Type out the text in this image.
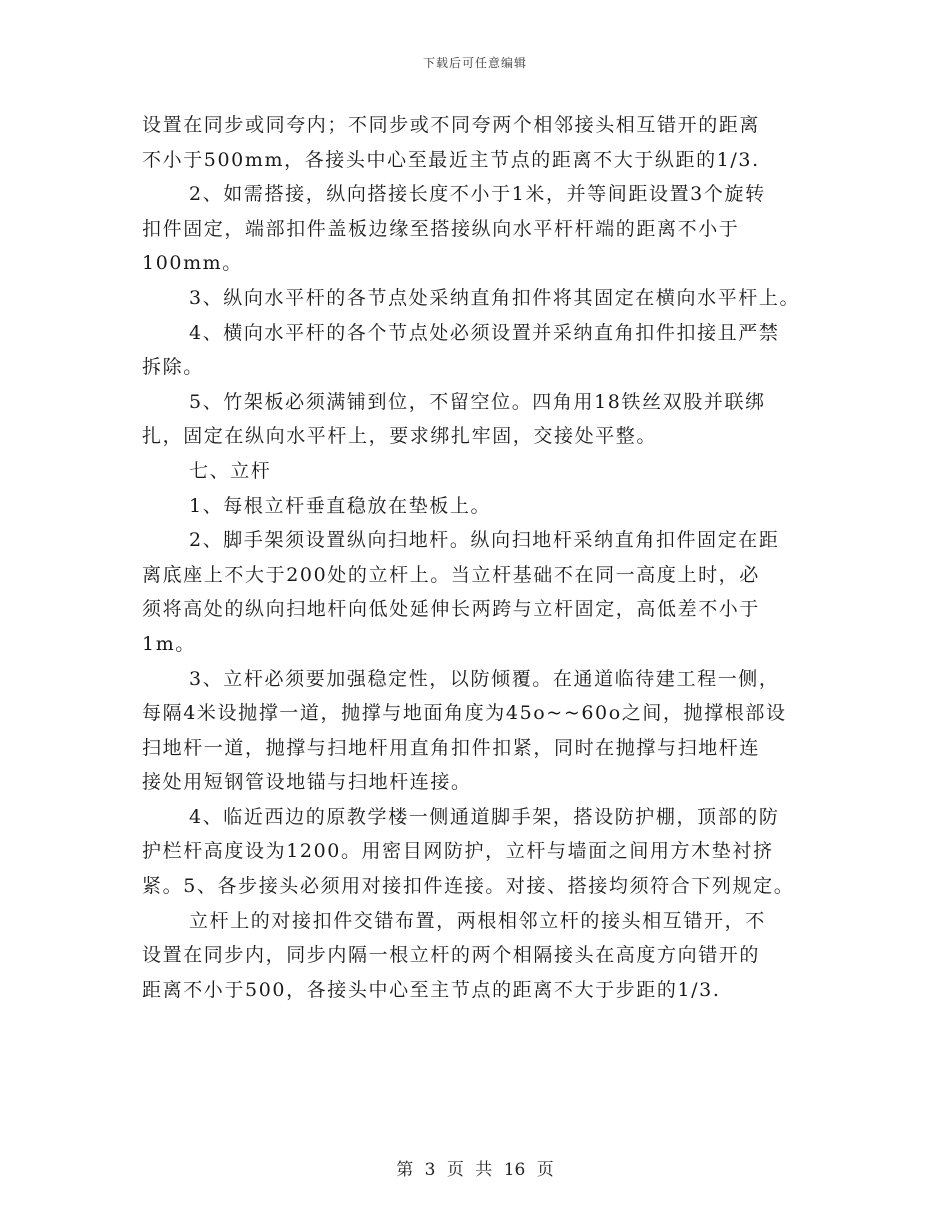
下载后可任意编辑
设置在同步或同夸内；不同步或不同夸两个相邻接头相互错开的距离
不小于500mm，各接头中心至最近主节点的距离不大于纵距的1/3.
2、如需搭接，纵向搭接长度不小于1米，并等间距设置3个旋转
扣件固定，端部扣件盖板边缘至搭接纵向水平杆杆端的距离不小于
100mm。
3、纵向水平杆的各节点处采纳直角扣件将其固定在横向水平杆上。
4、横向水平杆的各个节点处必须设置并采纳直角扣件扣接且严禁
拆除。
5、竹架板必须满铺到位，不留空位。四角用18铁丝双股并联绑
扎，固定在纵向水平杆上，要求绑扎牢固，交接处平整。
七、立杆
1、每根立杆垂直稳放在垫板上。
2、脚手架须设置纵向扫地杆。纵向扫地杆采纳直角扣件固定在距
离底座上不大于200处的立杆上。当立杆基础不在同一高度上时，必
须将高处的纵向扫地杆向低处延伸长两跨与立杆固定，高低差不小于
1m。
3、立杆必须要加强稳定性，以防倾覆。在通道临待建工程一侧，
每隔4米设抛撑一道，抛撑与地面角度为45o~~60o之间，抛撑根部设
扫地杆一道，抛撑与扫地杆用直角扣件扣紧，同时在抛撑与扫地杆连
接处用短钢管设地锚与扫地杆连接。
4、临近西边的原教学楼一侧通道脚手架，搭设防护棚，顶部的防
护栏杆高度设为1200。用密目网防护，立杆与墙面之间用方木垫衬挤
紧。5、各步接头必须用对接扣件连接。对接、搭接均须符合下列规定。
立杆上的对接扣件交错布置，两根相邻立杆的接头相互错开，不
设置在同步内，同步内隔一根立杆的两个相隔接头在高度方向错开的
距离不小于500，各接头中心至主节点的距离不大于步距的1/3.
第 3 页 共 16 页
